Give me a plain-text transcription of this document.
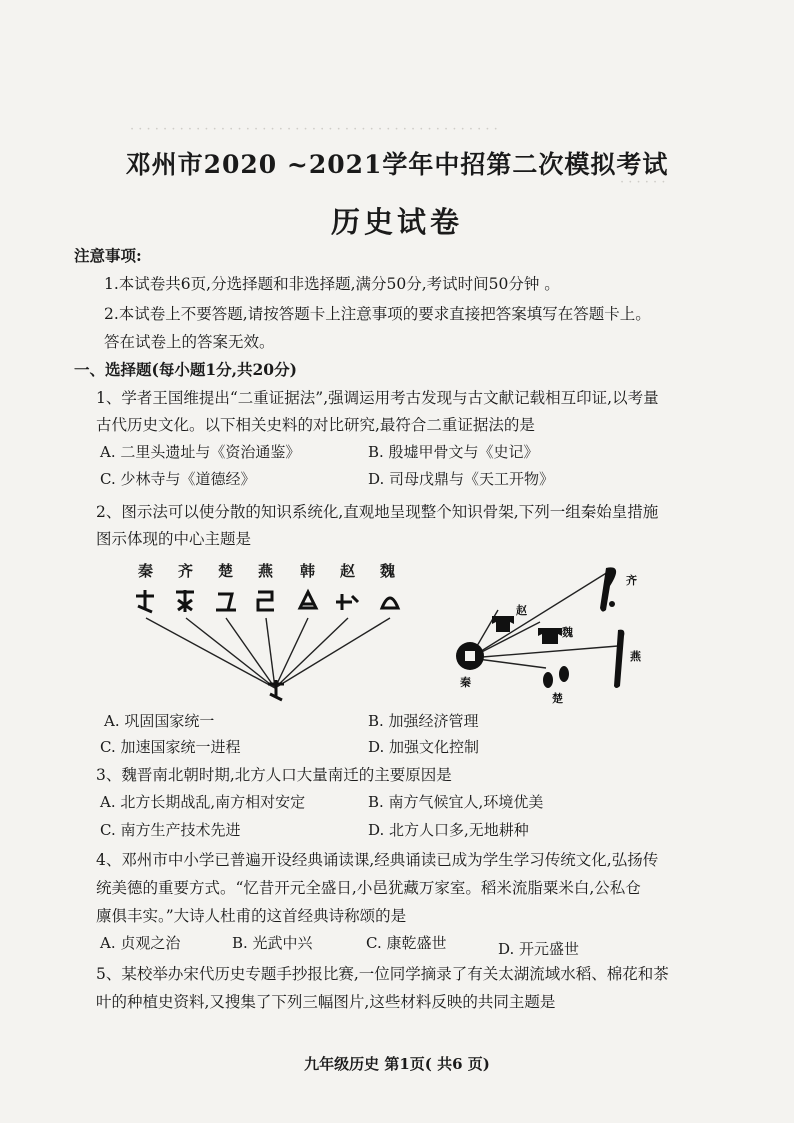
· · · · · · · · · · · · · · · · · · · · · · · · · · · · · · · · · · · · · · · · · · · · ·
· · · · · ·
邓州市2020 ~2021学年中招第二次模拟考试
历史试卷
注意事项:
1.本试卷共6页,分选择题和非选择题,满分50分,考试时间50分钟 。
2.本试卷上不要答题,请按答题卡上注意事项的要求直接把答案填写在答题卡上。
答在试卷上的答案无效。
一、选择题(每小题1分,共20分)
1、学者王国维提出“二重证据法”,强调运用考古发现与古文献记载相互印证,以考量
古代历史文化。以下相关史料的对比研究,最符合二重证据法的是
A. 二里头遗址与《资治通鉴》	B. 殷墟甲骨文与《史记》
C. 少林寺与《道德经》	D. 司母戊鼎与《天工开物》
2、图示法可以使分散的知识系统化,直观地呈现整个知识骨架,下列一组秦始皇措施
图示体现的中心主题是
秦 齐 楚 燕 韩 赵 魏
齐
赵
魏
燕
秦
楚
A. 巩固国家统一	B. 加强经济管理
C. 加速国家统一进程	D. 加强文化控制
3、魏晋南北朝时期,北方人口大量南迁的主要原因是
A. 北方长期战乱,南方相对安定	B. 南方气候宜人,环境优美
C. 南方生产技术先进	D. 北方人口多,无地耕种
4、邓州市中小学已普遍开设经典诵读课,经典诵读已成为学生学习传统文化,弘扬传
统美德的重要方式。“忆昔开元全盛日,小邑犹藏万家室。稻米流脂粟米白,公私仓
廪俱丰实。”大诗人杜甫的这首经典诗称颂的是
A. 贞观之治	B. 光武中兴	C. 康乾盛世	D. 开元盛世
5、某校举办宋代历史专题手抄报比赛,一位同学摘录了有关太湖流域水稻、棉花和茶
叶的种植史资料,又搜集了下列三幅图片,这些材料反映的共同主题是
九年级历史 第1页( 共6 页)
